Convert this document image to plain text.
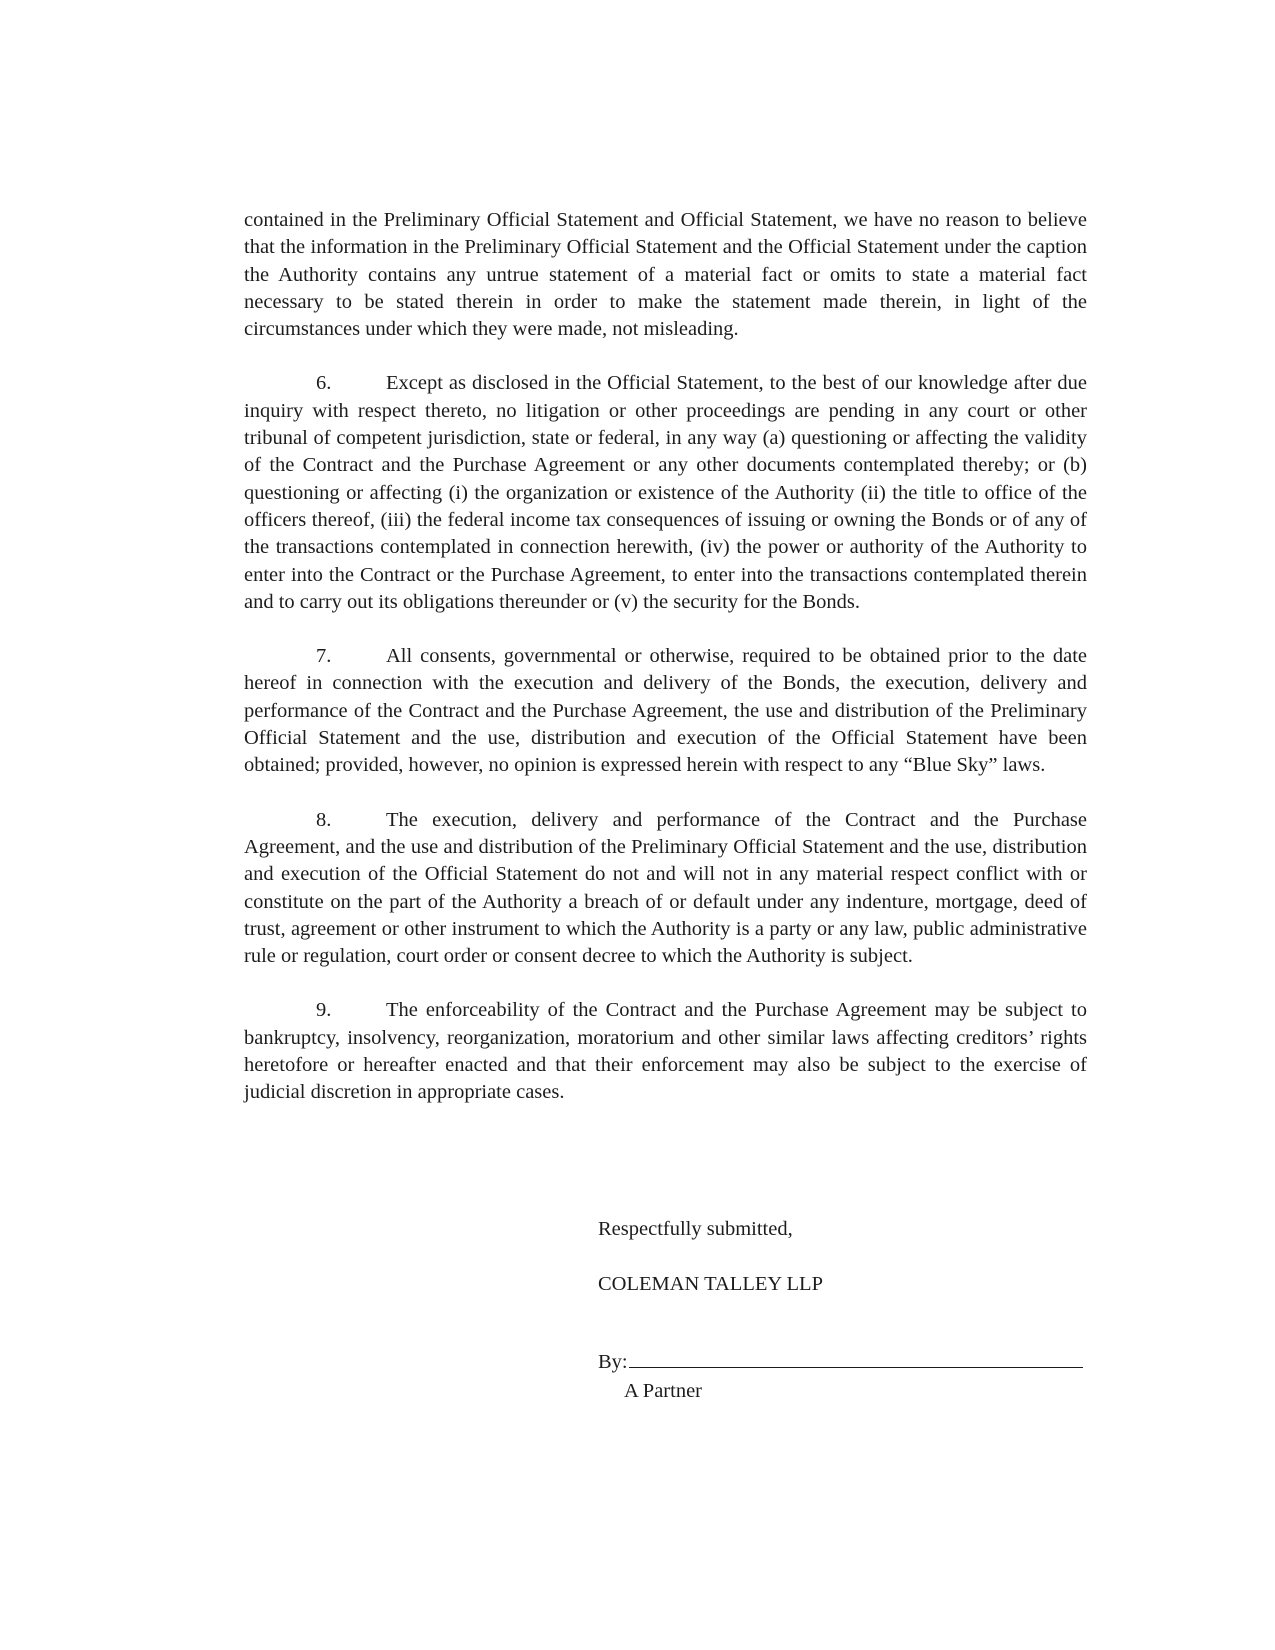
contained in the Preliminary Official Statement and Official Statement, we have no reason to believe that the information in the Preliminary Official Statement and the Official Statement under the caption the Authority contains any untrue statement of a material fact or omits to state a material fact necessary to be stated therein in order to make the statement made therein, in light of the circumstances under which they were made, not misleading.

6.	Except as disclosed in the Official Statement, to the best of our knowledge after due inquiry with respect thereto, no litigation or other proceedings are pending in any court or other tribunal of competent jurisdiction, state or federal, in any way (a) questioning or affecting the validity of the Contract and the Purchase Agreement or any other documents contemplated thereby; or (b) questioning or affecting (i) the organization or existence of the Authority (ii) the title to office of the officers thereof, (iii) the federal income tax consequences of issuing or owning the Bonds or of any of the transactions contemplated in connection herewith, (iv) the power or authority of the Authority to enter into the Contract or the Purchase Agreement, to enter into the transactions contemplated therein and to carry out its obligations thereunder or (v) the security for the Bonds.

7.	All consents, governmental or otherwise, required to be obtained prior to the date hereof in connection with the execution and delivery of the Bonds, the execution, delivery and performance of the Contract and the Purchase Agreement, the use and distribution of the Preliminary Official Statement and the use, distribution and execution of the Official Statement have been obtained; provided, however, no opinion is expressed herein with respect to any “Blue Sky” laws.

8.	The execution, delivery and performance of the Contract and the Purchase Agreement, and the use and distribution of the Preliminary Official Statement and the use, distribution and execution of the Official Statement do not and will not in any material respect conflict with or constitute on the part of the Authority a breach of or default under any indenture, mortgage, deed of trust, agreement or other instrument to which the Authority is a party or any law, public administrative rule or regulation, court order or consent decree to which the Authority is subject.

9.	The enforceability of the Contract and the Purchase Agreement may be subject to bankruptcy, insolvency, reorganization, moratorium and other similar laws affecting creditors’ rights heretofore or hereafter enacted and that their enforcement may also be subject to the exercise of judicial discretion in appropriate cases.

Respectfully submitted,

COLEMAN TALLEY LLP

By:

A Partner
